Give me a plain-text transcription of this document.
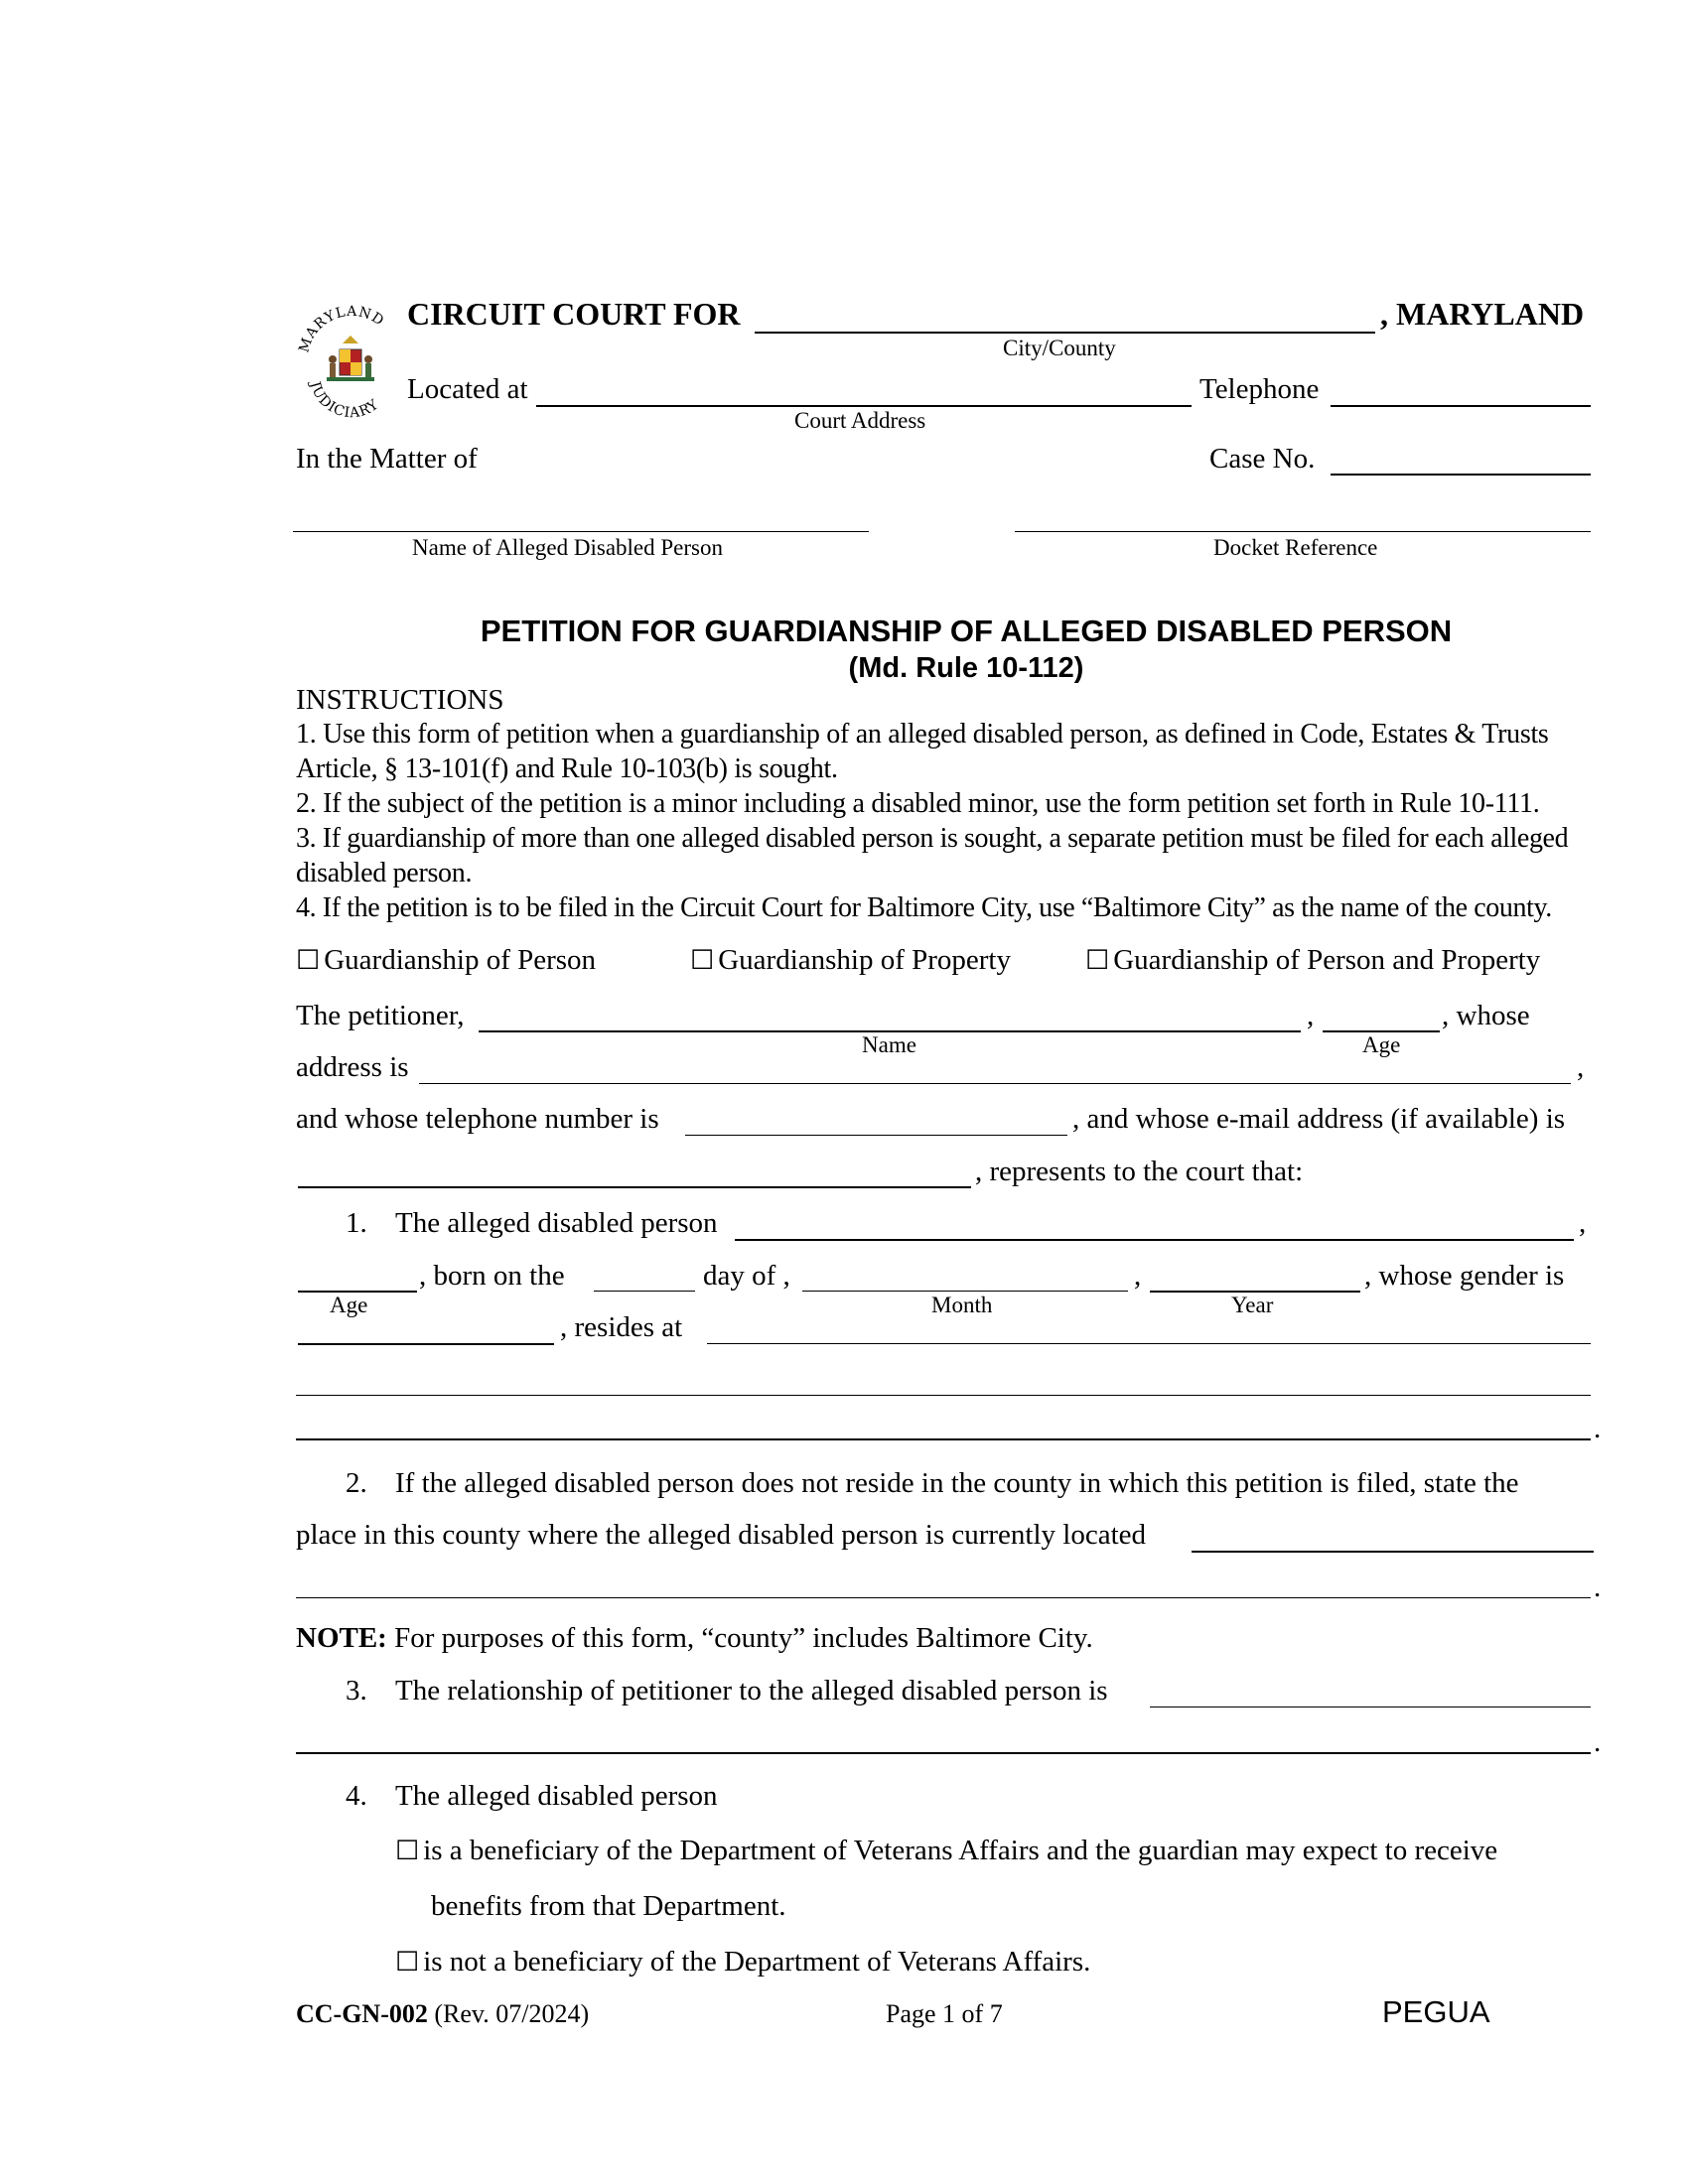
MARYLAND
JUDICIARY
CIRCUIT COURT FOR	, MARYLAND
City/County
Located at
Court Address
Telephone
In the Matter of	Case No.
Name of Alleged Disabled Person	Docket Reference
PETITION FOR GUARDIANSHIP OF ALLEGED DISABLED PERSON
(Md. Rule 10-112)
INSTRUCTIONS
1. Use this form of petition when a guardianship of an alleged disabled person, as defined in Code, Estates & Trusts
Article, § 13-101(f) and Rule 10-103(b) is sought.
2. If the subject of the petition is a minor including a disabled minor, use the form petition set forth in Rule 10-111.
3. If guardianship of more than one alleged disabled person is sought, a separate petition must be filed for each alleged
disabled person.
4. If the petition is to be filed in the Circuit Court for Baltimore City, use “Baltimore City” as the name of the county.
☐ Guardianship of Person	☐ Guardianship of Property	☐ Guardianship of Person and Property
The petitioner,	,
Name
, whose
Age
address is	,
and whose telephone number is	, and whose e-mail address (if available) is
, represents to the court that:
1. The alleged disabled person	,
Age
, born on the	day of ,
Month
,
Year
, whose gender is
, resides at
.
2. If the alleged disabled person does not reside in the county in which this petition is filed, state the
place in this county where the alleged disabled person is currently located
.
NOTE: For purposes of this form, “county” includes Baltimore City.
3. The relationship of petitioner to the alleged disabled person is
.
4. The alleged disabled person
☐ is a beneficiary of the Department of Veterans Affairs and the guardian may expect to receive
benefits from that Department.
☐ is not a beneficiary of the Department of Veterans Affairs.
CC-GN-002 (Rev. 07/2024)	Page 1 of 7	PEGUA
